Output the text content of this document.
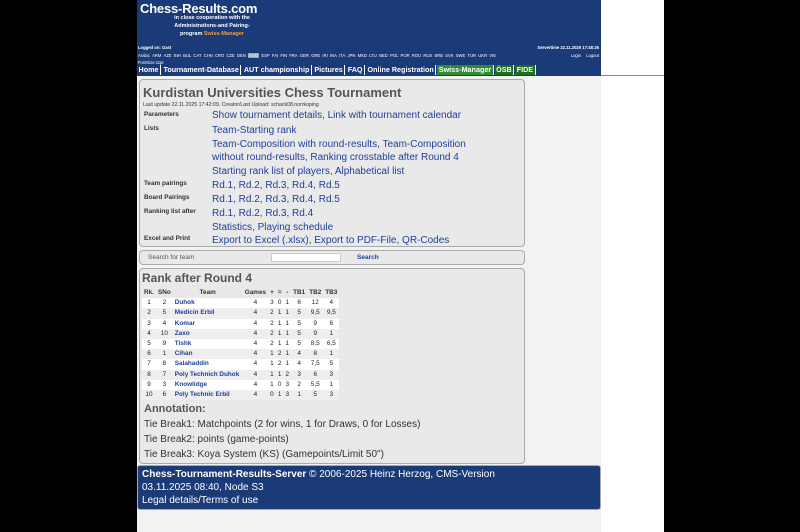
Chess-Results.com
in close cooperation with the
Administrations-and Pairing-
program Swiss-Manager
Logged on: Gast	Servertime 22.11.2025 17:48:26
Arabic ARM AZE BIH BUL CAT CHN CRO CZE DEN ENG ESP FAI FIN FRA GER GRE IRI INA ITA JPN MKD LTU NED POL POR ROU RUS SRB SVK SWE TUR UKR VIE	Login Logout
FontSize:11pt
Home Tournament-Database AUT championship Pictures FAQ Online Registration Swiss-Manager ÖSB FIDE
Kurdistan Universities Chess Tournament
Last update 22.11.2025 17:42:09, Creator/Last Upload: schack08.norrkoping
Parameters	Show tournament details, Link with tournament calendar
Lists	Team-Starting rank
Team-Composition with round-results, Team-Composition
without round-results, Ranking crosstable after Round 4
Starting rank list of players, Alphabetical list
Team pairings	Rd.1, Rd.2, Rd.3, Rd.4, Rd.5
Board Pairings Rd.1, Rd.2, Rd.3, Rd.4, Rd.5
Ranking list after Rd.1, Rd.2, Rd.3, Rd.4
Statistics, Playing schedule
Excel and Print Export to Excel (.xlsx), Export to PDF-File, QR-Codes
Search for team	Search
Rank after Round 4
Rk.	SNo	Team	Games	+	=	-	TB1	TB2	TB3
1	2	Duhok	4	3	0	1	6	12	4
2	5	Medicin Erbil	4	2	1	1	5	9,5	9,5
3	4	Komar	4	2	1	1	5	9	6
4	10	Zaxo	4	2	1	1	5	9	1
5	9	Tishk	4	2	1	1	5	8,5	6,5
6	1	Cihan	4	1	2	1	4	8	1
7	8	Salahaddin	4	1	2	1	4	7,5	5
8	7	Poly Technich Duhok	4	1	1	2	3	6	3
9	3	Knowlidge	4	1	0	3	2	5,5	1
10	6	Poly Technic Erbil	4	0	1	3	1	5	3
Annotation:
Tie Break1: Matchpoints (2 for wins, 1 for Draws, 0 for Losses)
Tie Break2: points (game-points)
Tie Break3: Koya System (KS) (Gamepoints/Limit 50")
Chess-Tournament-Results-Server © 2006-2025 Heinz Herzog, CMS-Version
03.11.2025 08:40, Node S3
Legal details/Terms of use
